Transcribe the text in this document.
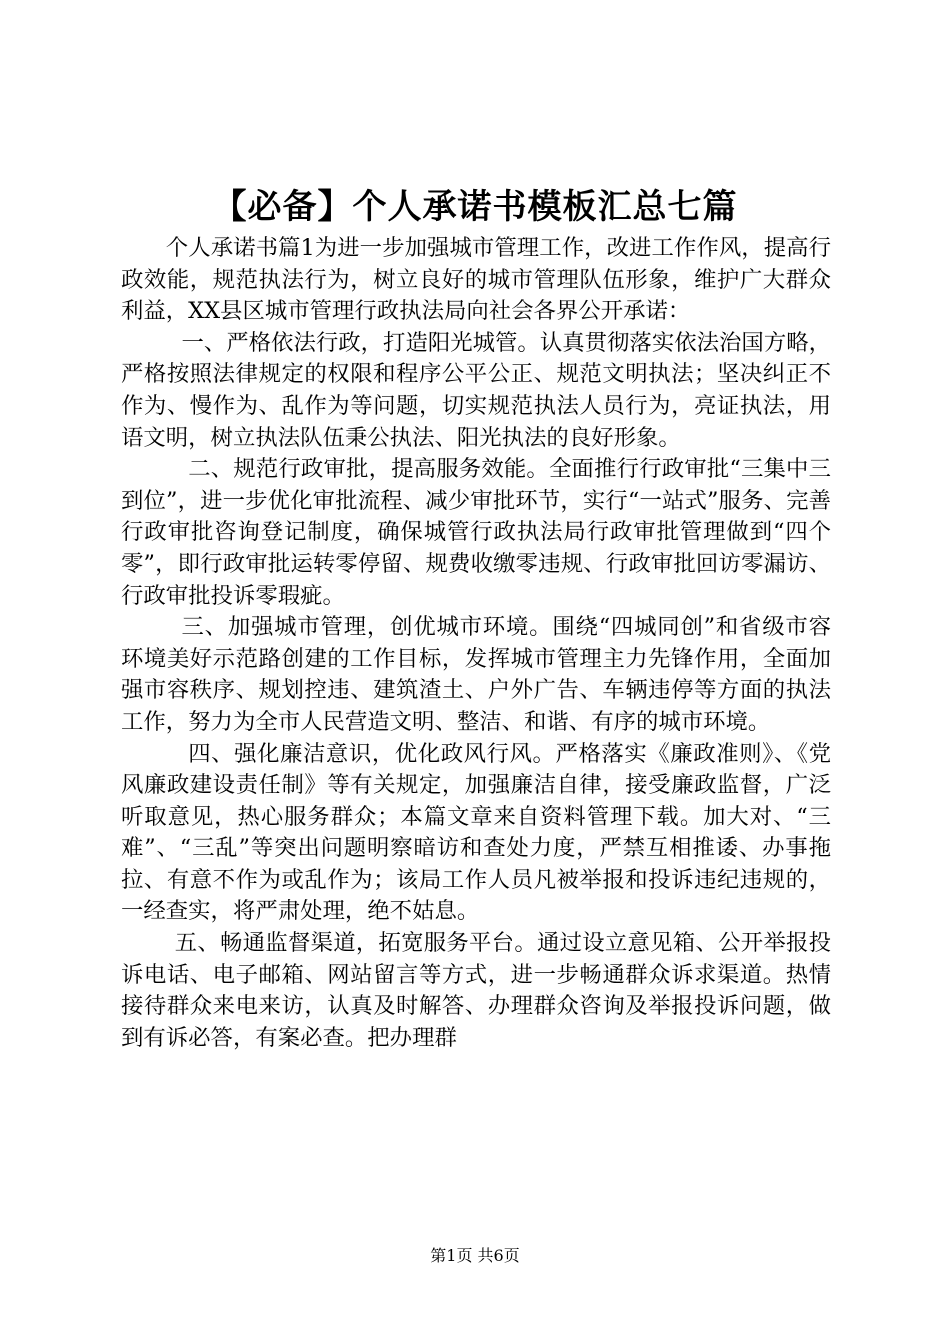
【必备】个人承诺书模板汇总七篇

个人承诺书篇1为进一步加强城市管理工作，改进工作作风，提高行政效能，规范执法行为，树立良好的城市管理队伍形象，维护广大群众利益，XX县区城市管理行政执法局向社会各界公开承诺：

一、严格依法行政，打造阳光城管。认真贯彻落实依法治国方略，严格按照法律规定的权限和程序公平公正、规范文明执法；坚决纠正不作为、慢作为、乱作为等问题，切实规范执法人员行为，亮证执法，用语文明，树立执法队伍秉公执法、阳光执法的良好形象。

二、规范行政审批，提高服务效能。全面推行行政审批“三集中三到位”，进一步优化审批流程、减少审批环节，实行“一站式”服务、完善行政审批咨询登记制度，确保城管行政执法局行政审批管理做到“四个零”，即行政审批运转零停留、规费收缴零违规、行政审批回访零漏访、行政审批投诉零瑕疵。

三、加强城市管理，创优城市环境。围绕“四城同创”和省级市容环境美好示范路创建的工作目标，发挥城市管理主力先锋作用，全面加强市容秩序、规划控违、建筑渣土、户外广告、车辆违停等方面的执法工作，努力为全市人民营造文明、整洁、和谐、有序的城市环境。

四、强化廉洁意识，优化政风行风。严格落实《廉政准则》、《党风廉政建设责任制》等有关规定，加强廉洁自律，接受廉政监督，广泛听取意见，热心服务群众；本篇文章来自资料管理下载。加大对、“三难”、“三乱”等突出问题明察暗访和查处力度，严禁互相推诿、办事拖拉、有意不作为或乱作为；该局工作人员凡被举报和投诉违纪违规的，一经查实，将严肃处理，绝不姑息。

五、畅通监督渠道，拓宽服务平台。通过设立意见箱、公开举报投诉电话、电子邮箱、网站留言等方式，进一步畅通群众诉求渠道。热情接待群众来电来访，认真及时解答、办理群众咨询及举报投诉问题，做到有诉必答，有案必查。把办理群

第1页 共6页
